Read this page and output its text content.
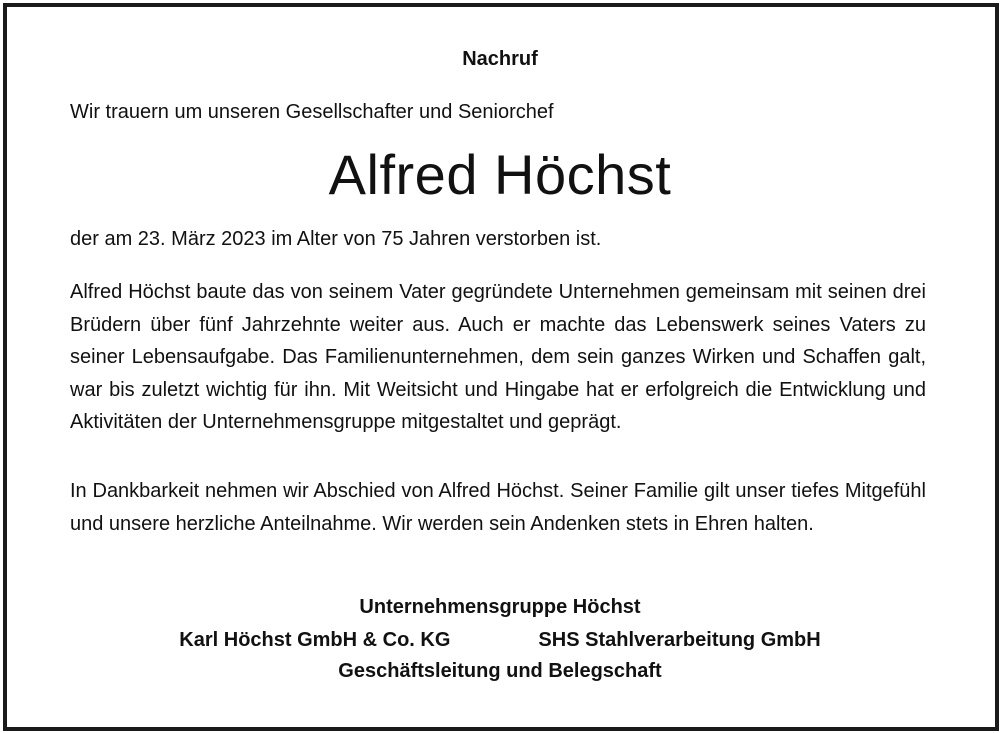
Nachruf
Wir trauern um unseren Gesellschafter und Seniorchef
Alfred Höchst
der am 23. März 2023 im Alter von 75 Jahren verstorben ist.
Alfred Höchst baute das von seinem Vater gegründete Unternehmen gemeinsam mit seinen drei Brüdern über fünf Jahrzehnte weiter aus. Auch er machte das Lebenswerk seines Vaters zu seiner Lebensaufgabe. Das Familienunternehmen, dem sein ganzes Wirken und Schaffen galt, war bis zuletzt wichtig für ihn. Mit Weitsicht und Hingabe hat er erfolgreich die Entwicklung und Aktivitäten der Unternehmensgruppe mitgestaltet und geprägt.
In Dankbarkeit nehmen wir Abschied von Alfred Höchst. Seiner Familie gilt unser tiefes Mitgefühl und unsere herzliche Anteilnahme. Wir werden sein Andenken stets in Ehren halten.
Unternehmensgruppe Höchst
Karl Höchst GmbH & Co. KG	SHS Stahlverarbeitung GmbH
Geschäftsleitung und Belegschaft
